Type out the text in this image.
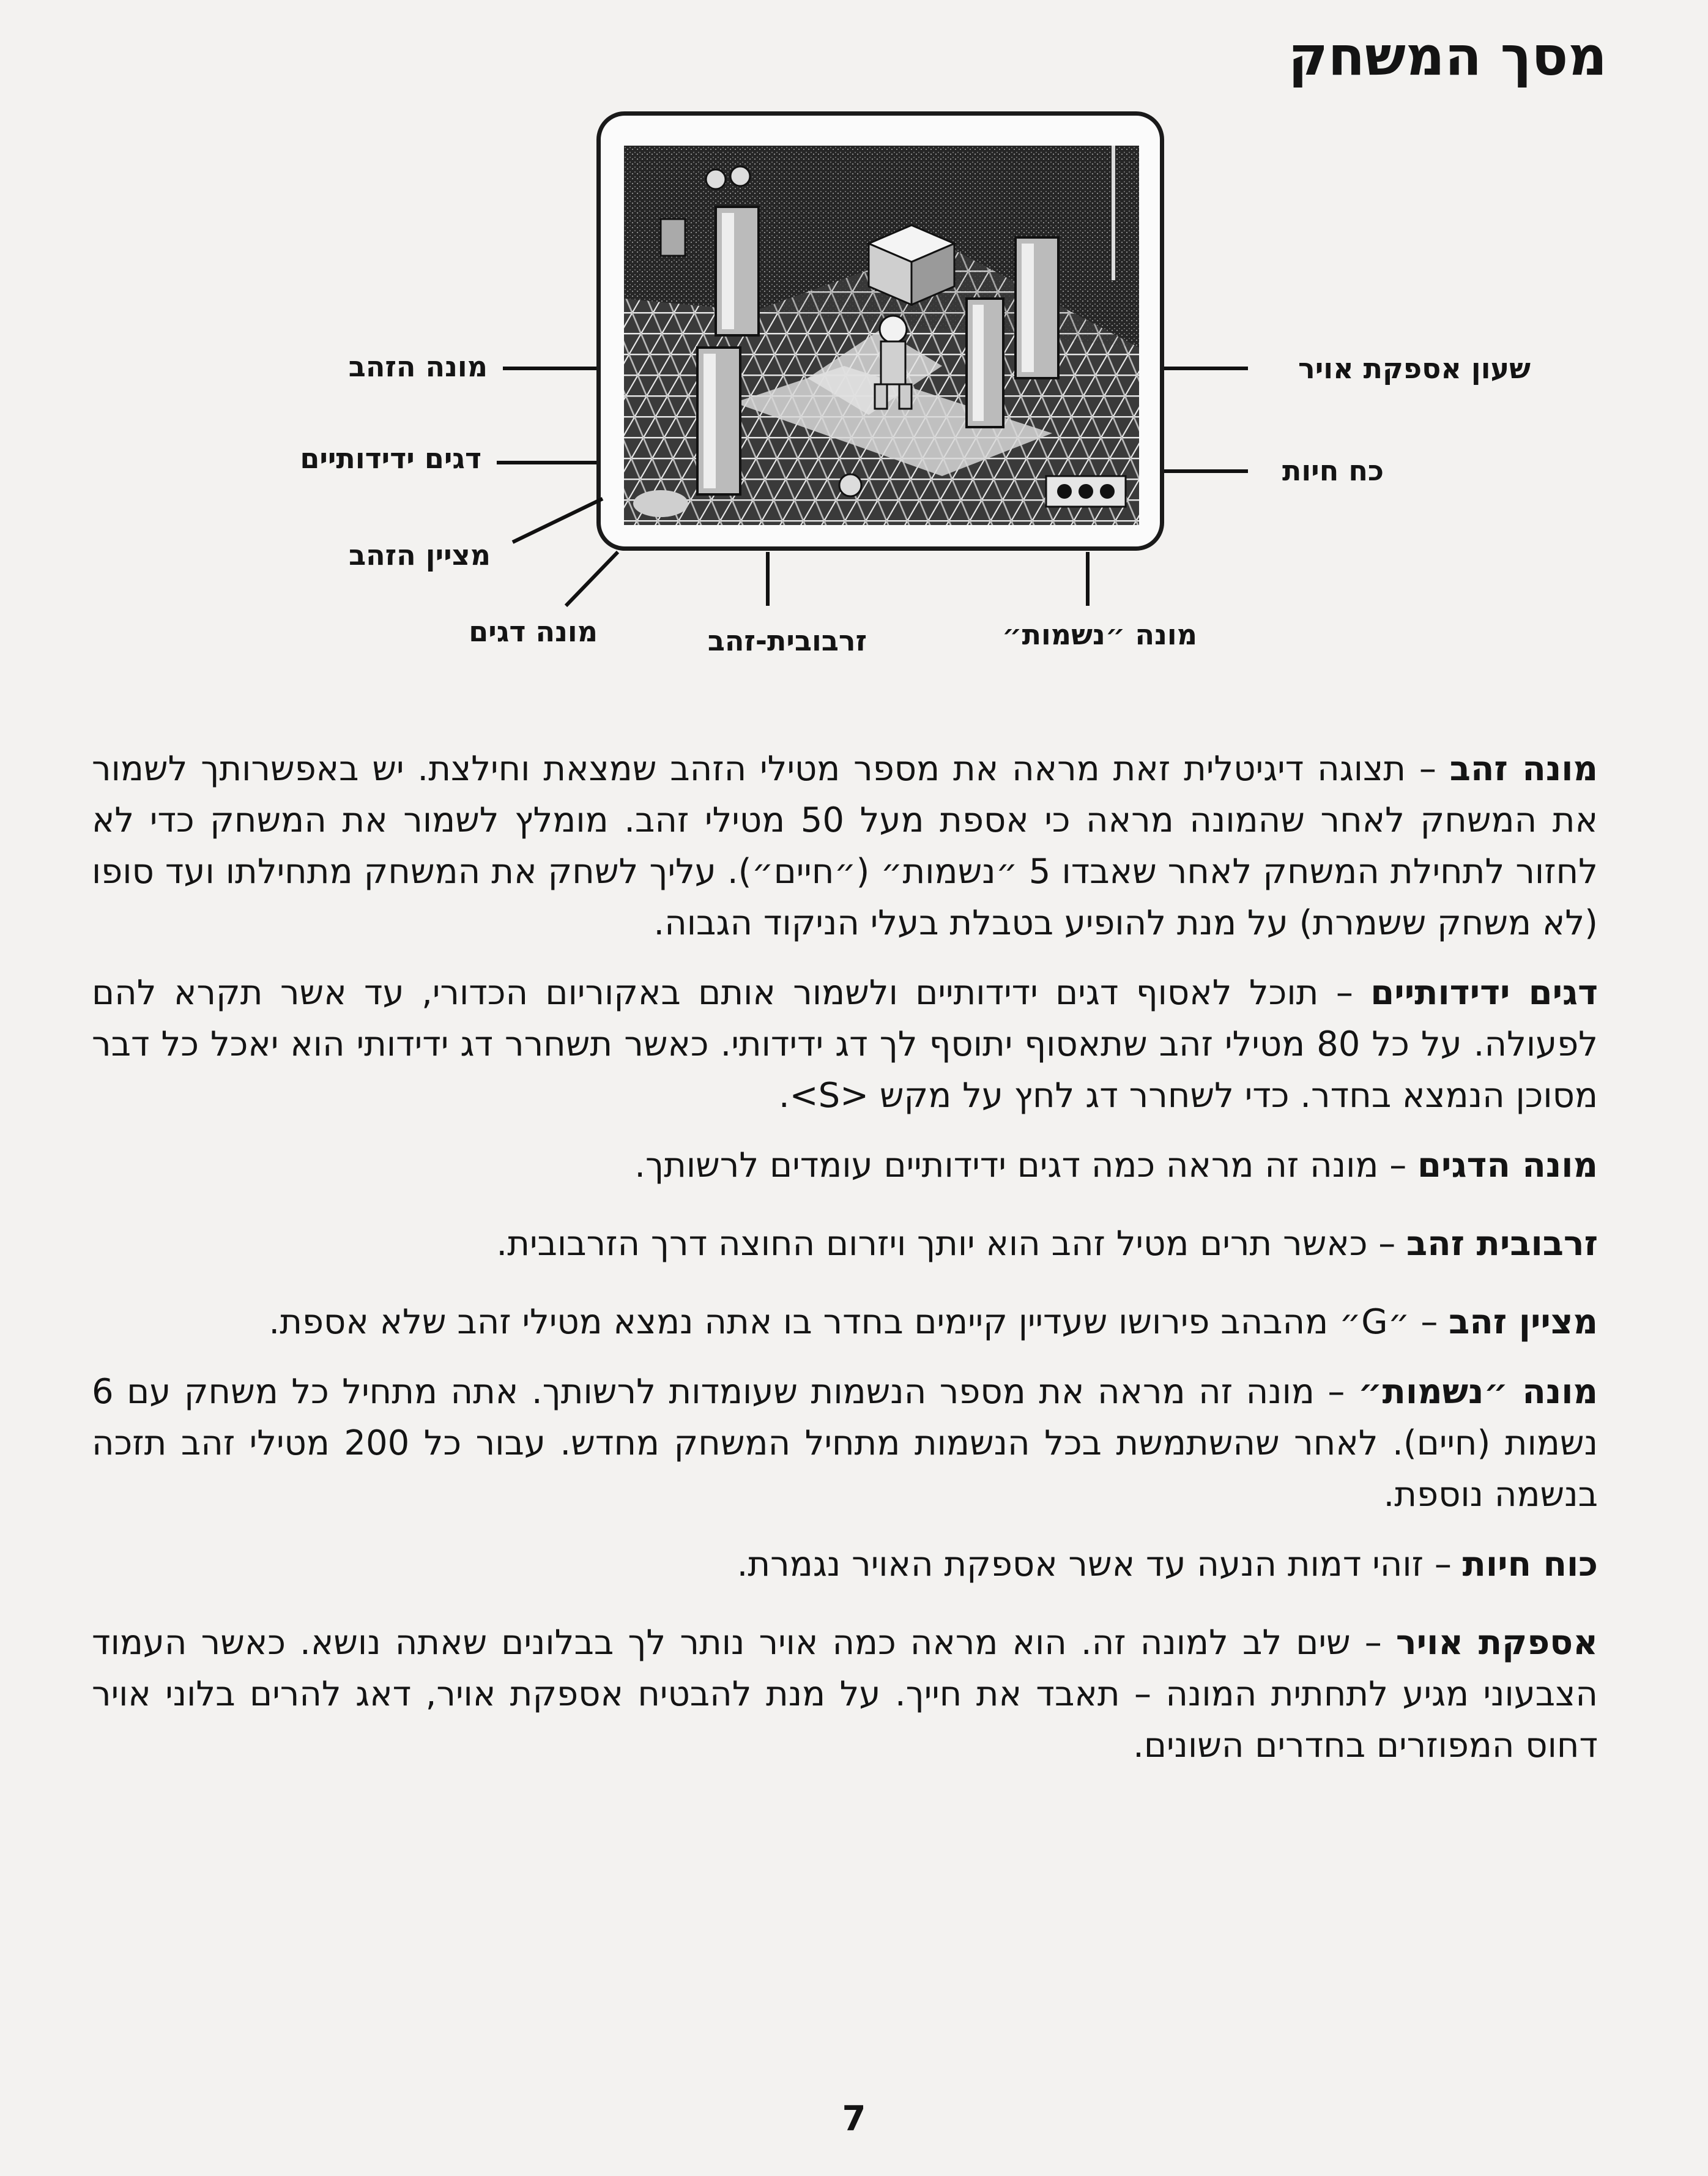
מסך המשחק
מונה הזהב
דגים ידידותיים
מציין הזהב
מונה דגים	זרבובית-זהב	מונה ״נשמות״
שעון אספקת אויר
כח חיות

מונה זהב – תצוגה דיגיטלית זאת מראה את מספר מטילי הזהב שמצאת וחילצת. יש באפשרותך לשמור את המשחק לאחר שהמונה מראה כי אספת מעל 50 מטילי זהב. מומלץ לשמור את המשחק כדי לא לחזור לתחילת המשחק לאחר שאבדו 5 ״נשמות״ (״חיים״). עליך לשחק את המשחק מתחילתו ועד סופו (לא משחק ששמרת) על מנת להופיע בטבלת בעלי הניקוד הגבוה.

דגים ידידותיים – תוכל לאסוף דגים ידידותיים ולשמור אותם באקוריום הכדורי, עד אשר תקרא להם לפעולה. על כל 80 מטילי זהב שתאסוף יתוסף לך דג ידידותי. כאשר תשחרר דג ידידותי הוא יאכל כל דבר מסוכן הנמצא בחדר. כדי לשחרר דג לחץ על מקש <S>.

מונה הדגים – מונה זה מראה כמה דגים ידידותיים עומדים לרשותך.

זרבובית זהב – כאשר תרים מטיל זהב הוא יותך ויזרום החוצה דרך הזרבובית.

מציין זהב – ״G״ מהבהב פירושו שעדיין קיימים בחדר בו אתה נמצא מטילי זהב שלא אספת.

מונה ״נשמות״ – מונה זה מראה את מספר הנשמות שעומדות לרשותך. אתה מתחיל כל משחק עם 6 נשמות (חיים). לאחר שהשתמשת בכל הנשמות מתחיל המשחק מחדש. עבור כל 200 מטילי זהב תזכה בנשמה נוספת.

כוח חיות – זוהי דמות הנעה עד אשר אספקת האויר נגמרת.

אספקת אויר – שים לב למונה זה. הוא מראה כמה אויר נותר לך בבלונים שאתה נושא. כאשר העמוד הצבעוני מגיע לתחתית המונה – תאבד את חייך. על מנת להבטיח אספקת אויר, דאג להרים בלוני אויר דחוס המפוזרים בחדרים השונים.

7
